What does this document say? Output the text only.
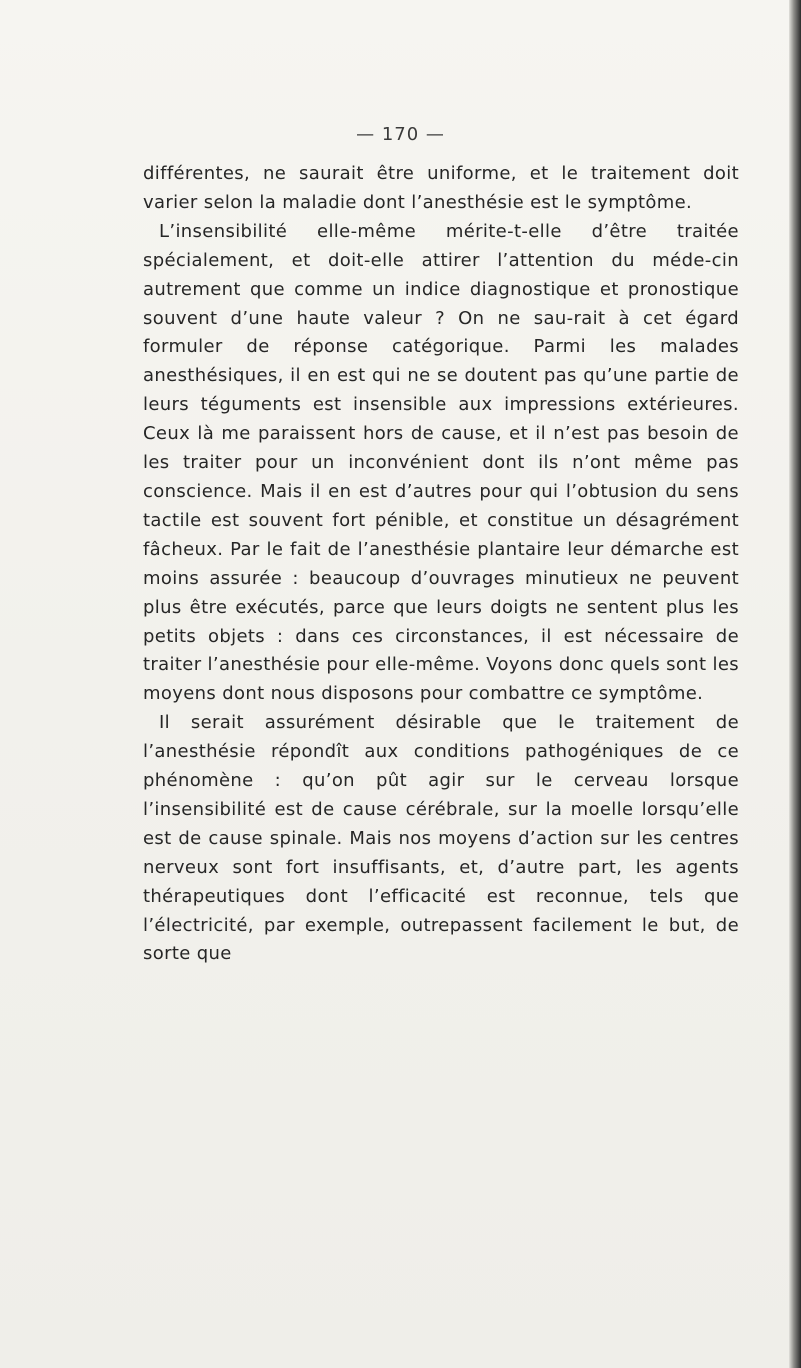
— 170 —

différentes, ne saurait être uniforme, et le traitement doit varier selon la maladie dont l’anesthésie est le symptôme.

L’insensibilité elle-même mérite-t-elle d’être traitée spécialement, et doit-elle attirer l’attention du méde-cin autrement que comme un indice diagnostique et pronostique souvent d’une haute valeur ? On ne sau-rait à cet égard formuler de réponse catégorique. Parmi les malades anesthésiques, il en est qui ne se doutent pas qu’une partie de leurs téguments est insensible aux impressions extérieures. Ceux là me paraissent hors de cause, et il n’est pas besoin de les traiter pour un inconvénient dont ils n’ont même pas conscience. Mais il en est d’autres pour qui l’obtusion du sens tactile est souvent fort pénible, et constitue un désagrément fâcheux. Par le fait de l’anesthésie plantaire leur démarche est moins assurée : beaucoup d’ouvrages minutieux ne peuvent plus être exécutés, parce que leurs doigts ne sentent plus les petits objets : dans ces circonstances, il est nécessaire de traiter l’anesthésie pour elle-même. Voyons donc quels sont les moyens dont nous disposons pour combattre ce symptôme.

Il serait assurément désirable que le traitement de l’anesthésie répondît aux conditions pathogéniques de ce phénomène : qu’on pût agir sur le cerveau lorsque l’insensibilité est de cause cérébrale, sur la moelle lorsqu’elle est de cause spinale. Mais nos moyens d’action sur les centres nerveux sont fort insuffisants, et, d’autre part, les agents thérapeutiques dont l’efficacité est reconnue, tels que l’électricité, par exemple, outrepassent facilement le but, de sorte que
